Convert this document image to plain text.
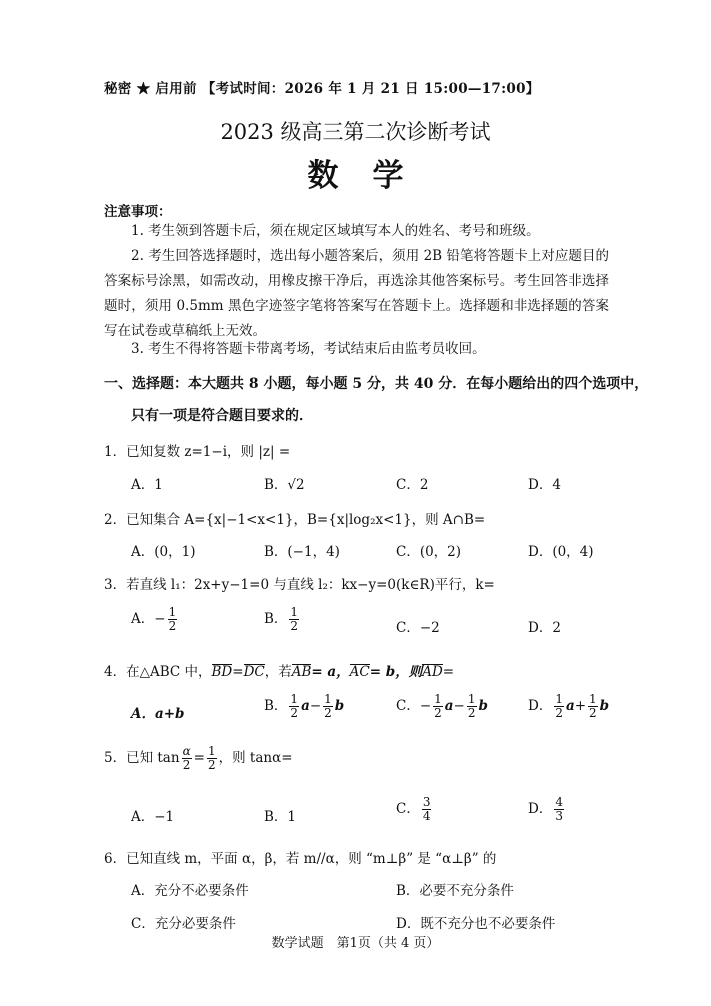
秘密 ★ 启用前 【考试时间：2026 年 1 月 21 日 15:00—17:00】
2023 级高三第二次诊断考试
数学
注意事项：
1. 考生领到答题卡后，须在规定区域填写本人的姓名、考号和班级。
2. 考生回答选择题时，选出每小题答案后，须用 2B 铅笔将答题卡上对应题目的答案标号涂黑，如需改动，用橡皮擦干净后，再选涂其他答案标号。考生回答非选择题时，须用 0.5mm 黑色字迹签字笔将答案写在答题卡上。选择题和非选择题的答案写在试卷或草稿纸上无效。
3. 考生不得将答题卡带离考场，考试结束后由监考员收回。
一、选择题：本大题共 8 小题，每小题 5 分，共 40 分．在每小题给出的四个选项中，
只有一项是符合题目要求的．
1．已知复数 z=1−i，则 |z| =
A．1	B．√2	C．2	D．4
2．已知集合 A={x|−1<x<1}，B={x|log₂x<1}，则 A∩B=
A．(0，1)	B．(−1，4)	C．(0，2)	D．(0，4)
3．若直线 l₁：2x+y−1=0 与直线 l₂：kx−y=0(k∈R)平行，k=
A．− $\frac{1}{2}$	B． $\frac{1}{2}$	C．−2	D．2
4．在△ABC 中，BD=DC，若AB= a，AC= b，则AD=
A．a+b	B． $\frac{1}{2} a- \frac{1}{2}$ b	C．− $\frac{1}{2} a- \frac{1}{2}$ b	D． $\frac{1}{2} a+ \frac{1}{2}$ b
5．已知 $\tan \frac{\alpha}{2} = \frac{1}{2}$ ，则 tanα=
A．−1	B．1	C． $\frac{3}{4}$	D． $\frac{4}{3}$
6．已知直线 m，平面 α，β，若 m//α，则 “m⊥β” 是 “α⊥β” 的
A．充分不必要条件	B．必要不充分条件
C．充分必要条件	D．既不充分也不必要条件
数学试题　第1页（共 4 页）
